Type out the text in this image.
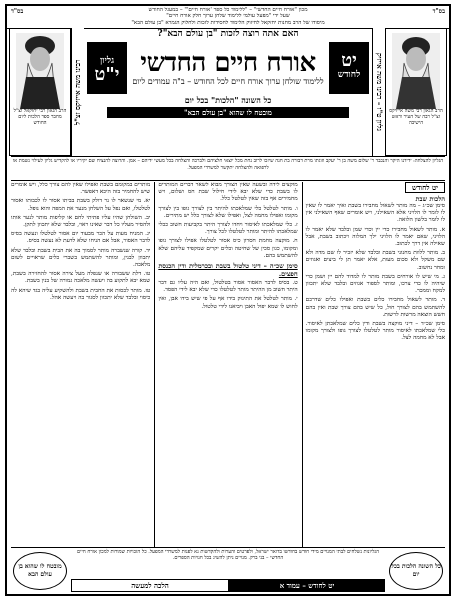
מכון "אורח חיים החדשי" – "ללימוד כל ספר 'אורח חיים'" – במעגל החודש
שעל ידי "מפעל עולמי ללימוד שלחן ערוך חלק אורח חיים"
מיסודו של הרב מחנות יחזקאל לחיזוק הלימוד לחסידות לזכות ולחלוק הגמרא "בן עולם הבא"
בס"ד
בס"ד
הרב הגאון רבי משה אייזיקס זצ"ל רבה של העיר וראש הישיבה
הרב הגאון רבי יחזקאל זצ"ל מחבר ספר הלכות ליום החודש	גליון ט"ו – רבינו משה אייזיק
רבינו משה אייזיקס זצ"ל
האם אתה רוצה לזכות "בן עולם הבא"?
יט
לחודש
אורח חיים החדשי
ללימוד שולחן ערוך אורח חיים לכל החודש – ב"ה עמודים ליום
גליון
י"ט
כל השונה "הלכות" בכל יום
מובטח לו שהוא "בן עולם הבא"
הגליון להצלחה: ידידנו היקר והנכבד ר' שלום משה בן ר' יעקב וזוגתו מרת דבורה בת חנה שיזכו לרוב נחת מכל יוצאי חלציהם ולברכה והצלחה בכל מעשי ידיהם – אמן. והרוצה להנציח שם יקיריו או להקדיש גליון לעילוי נשמת או לרפואה ולהצלחה יתקשר למשרדי המפעל.
יט לחודש
הלכות שבת

סימן שכ״ג – מה מותר לשאול מחבירו בשבת ואיך יאמר לו שאין לו לומר לו הלויני אלא השאילני, ויש אומרים שאף השאילני אין לו לומר בלשון הלואה.

א. מותר לשאול מחבירו כדי יין וכדי שמן ובלבד שלא יאמר לו הלויני, שאם יאמר לו הלויני ילך המלוה ויכתוב בשבת, אבל שאילה אין דרך לכתוב.

ב. מותר ללוות מחנוני בשבת ובלבד שלא יזכיר לו שם מדה ולא שם משקל ולא סכום מעות, אלא יאמר תן לי ביצים ואגוזים ומחר נחשוב.

ג. מי שיש לו אורחים בשבת מותר לו למדוד להם יין ושמן כדי שיהיה לו כדי צרכו, ומותר לספור אגוזים ובלבד שלא יתכוון למקח וממכר.

ד. מותר לשאול מחבירו כלים בשבת ואפילו כלים שדרכם להשתמש בהם לצורך חול, כל שיש בהם צורך שבת ואין בהם חשש הוצאה מרשות לרשות.

סימן שכ״ד – דיני מוקצה בשבת ודין כלים שמלאכתן לאיסור. כלי שמלאכתו לאיסור מותר לטלטלו לצורך גופו ולצורך מקומו אבל לא מחמה לצל.

מוקצים לידה ובשעה שאין הצורך מבוא לשאר דברים המותרים לו בשבת כדי שלא יבא לידי חילול שבת חס ושלום, ויש מחמירים אף בזה שאין לטלטל כלל.

ו. מותר לטלטל כלי שמלאכתו להיתר בין לצורך גופו בין לצורך מקומו ואפילו מחמה לצל, ואפילו שלא לצורך כלל יש מתירים.

ז. כלי שמלאכתו לאיסור ויחדו לצורך היתר בקביעות חשוב ככלי שמלאכתו להיתר ומותר לטלטלו לכל צורך.

ח. מוקצה מחמת חסרון כיס אסור לטלטלו אפילו לצורך גופו ומקומו, כגון סכין של שחיטה וכלים יקרים שמקפיד עליהם שלא להשתמש בהם.

סימן שכ״ה – דיני טלטול בשבת ובכרמלית ודין הכנסת חפצים.

ט. בסיס לדבר האסור אסור בטלטול, ואם היה עליו גם דבר היתר חשוב מן ההיתר מותר לטלטלו כדי שלא יבא לידי הפסד.

י. מותר לטלטל את התינוק בידו אף על פי שיש בידו אבן, ואין לחוש לו שמא יפול האבן ויביאנו לידי טלטול.

מותרים במקומם בשבת ואפילו שאין להם צורך כלל, ויש אומרים שיש להחמיר בזה היכא דאפשר.

יא. מי שנשאר לו נר דולק בשבת בביתו אסור לו לכבותו ואסור לטלטלו, ואם נפל על השלחן מנער את המפה והוא נופל.

יב. השולחן שהיו עליו פתיתי לחם או קליפות מותר לנער אותו ולהסיר מעליו כל דבר שאינו ראוי, ובלבד שלא יתכוון לתקן.

יג. המניח מעות על הכר מבעוד יום אסור לטלטלו ונעשה בסיס לדבר האסור, אבל אם הניחו שלא לדעת לא נעשה בסיס.

יד. קורה שנשברה מותר לסמוך בה את הבית בשבת ובלבד שלא יתכוון לבנין, ומותר להשתמש בשברי כלים שראויים לשום מלאכה.

טו. דלת ששבורה או שנפלה מעל צירה אסור להחזירה בשבת, שמא יבא לתקוע בה ויעשה מלאכה גמורה של בנין בשבת.

טז. מותר לכסות את החבית בשבת ולהשקיע עליה בגד שיהא לה כיסוי ובלבד שלא יתכוון לסגור בה ויעשה אהל.

כל השונה הלכות בכל יום
הגליונות נשלחים לבתי המנויים מידי חודש בחודשו בדואר ישראל, ולפרטים והערות ולהקדשות נא לפנות למשרדי המפעל. כל הזכויות שמורות למכון אורח חיים החדשי – בני ברק. מנויים ניתן להשיג בכל חנויות הספרים.
מובטח לו שהוא בן עולם הבא
יט לחודש – עמוד א
הלכה למעשה
